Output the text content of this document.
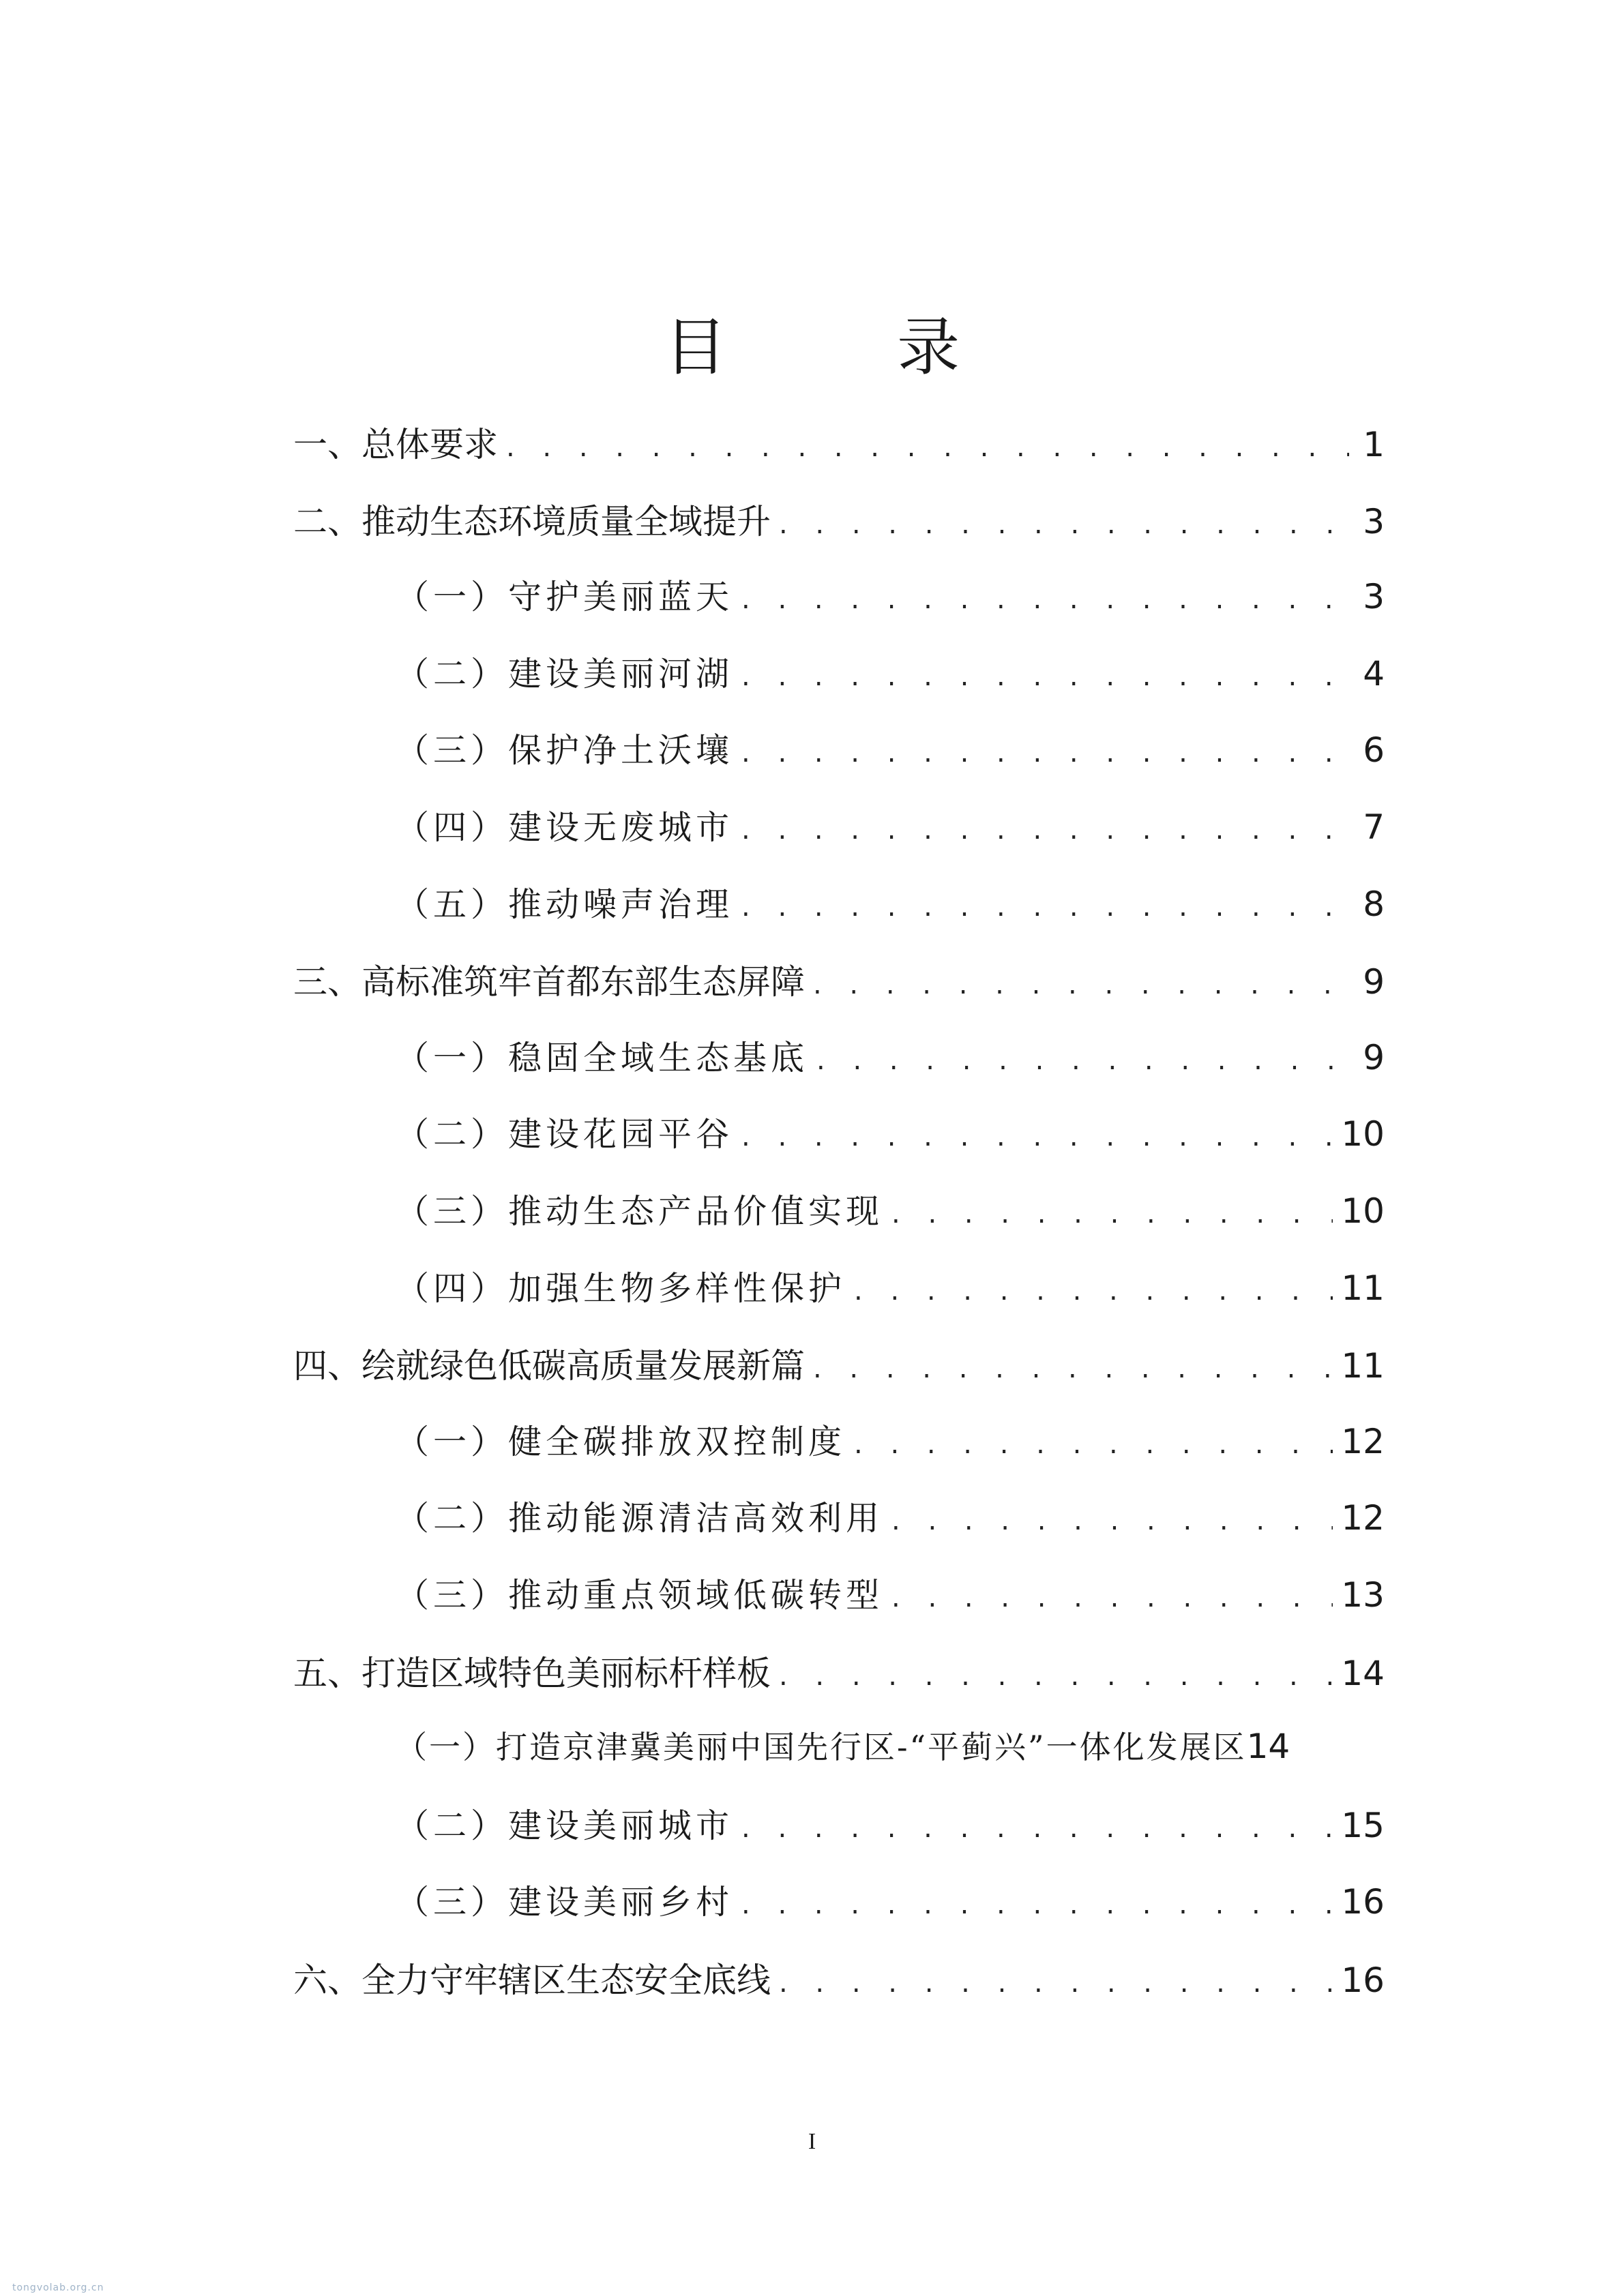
目 录
一、总体要求 . . .	1
二、推动生态环境质量全域提升 . . .	3
（一）守护美丽蓝天 . . .	3
（二）建设美丽河湖 . . .	4
（三）保护净土沃壤 . . .	6
（四）建设无废城市 . . .	7
（五）推动噪声治理 . . .	8
三、高标准筑牢首都东部生态屏障 . . .	9
（一）稳固全域生态基底 . . .	9
（二）建设花园平谷 . . .	10
（三）推动生态产品价值实现 . . .	10
（四）加强生物多样性保护 . . .	11
四、绘就绿色低碳高质量发展新篇 . . .	11
（一）健全碳排放双控制度 . . .	12
（二）推动能源清洁高效利用 . . .	12
（三）推动重点领域低碳转型 . . .	13
五、打造区域特色美丽标杆样板 . . .	14
（一）打造京津冀美丽中国先行区-“平蓟兴”一体化发展区 14
（二）建设美丽城市 . . .	15
（三）建设美丽乡村 . . .	16
六、全力守牢辖区生态安全底线 . . .	16
I
tongvolab.org.cn
